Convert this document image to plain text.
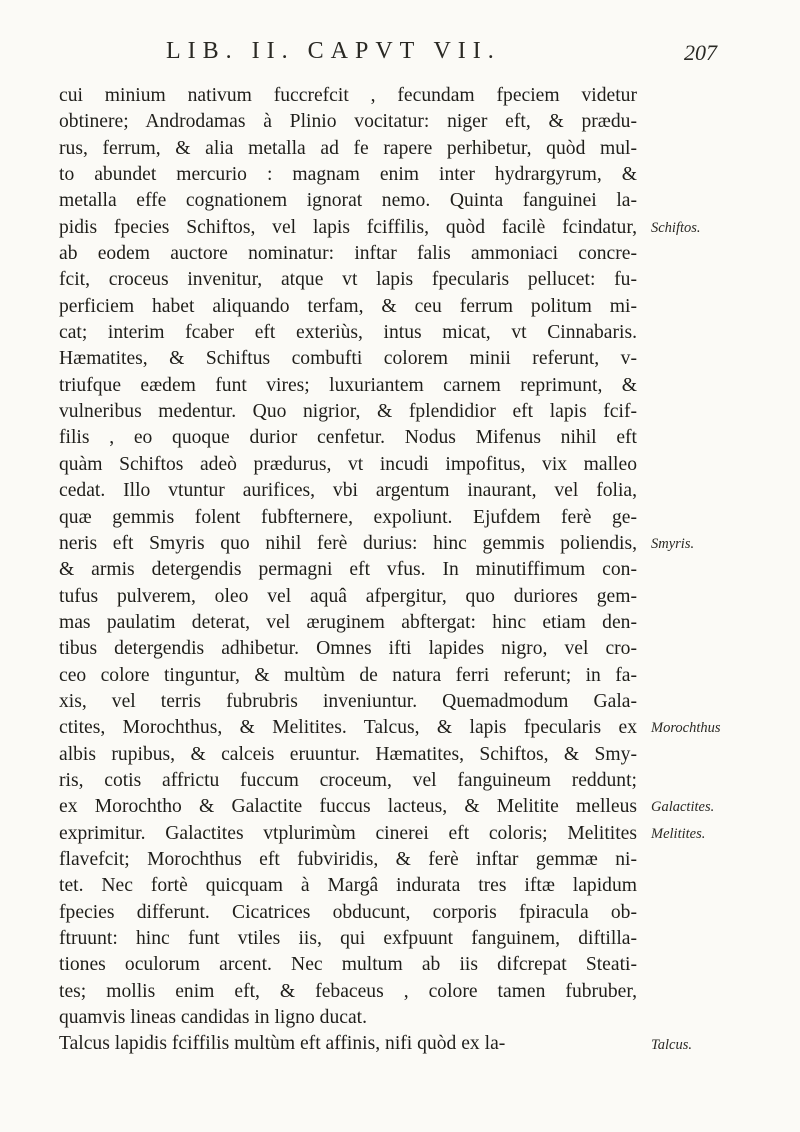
LIB. II. CAPVT VII.	207
cui minium nativum fuccrefcit , fecundam fpeciem videtur
obtinere; Androdamas à Plinio vocitatur: niger eft, & prædu-
rus, ferrum, & alia metalla ad fe rapere perhibetur, quòd mul-
to abundet mercurio : magnam enim inter hydrargyrum, &
metalla effe cognationem ignorat nemo. Quinta fanguinei la-
pidis fpecies Schiftos, vel lapis fciffilis, quòd facilè fcindatur,
ab eodem auctore nominatur: inftar falis ammoniaci concre-
fcit, croceus invenitur, atque vt lapis fpecularis pellucet: fu-
perficiem habet aliquando terfam, & ceu ferrum politum mi-
cat; interim fcaber eft exteriùs, intus micat, vt Cinnabaris.
Hæmatites, & Schiftus combufti colorem minii referunt, v-
triufque eædem funt vires; luxuriantem carnem reprimunt, &
vulneribus medentur. Quo nigrior, & fplendidior eft lapis fcif-
filis , eo quoque durior cenfetur. Nodus Mifenus nihil eft
quàm Schiftos adeò prædurus, vt incudi impofitus, vix malleo
cedat. Illo vtuntur aurifices, vbi argentum inaurant, vel folia,
quæ gemmis folent fubfternere, expoliunt. Ejufdem ferè ge-
neris eft Smyris quo nihil ferè durius: hinc gemmis poliendis,
& armis detergendis permagni eft vfus. In minutiffimum con-
tufus pulverem, oleo vel aquâ afpergitur, quo duriores gem-
mas paulatim deterat, vel æruginem abftergat: hinc etiam den-
tibus detergendis adhibetur. Omnes ifti lapides nigro, vel cro-
ceo colore tinguntur, & multùm de natura ferri referunt; in fa-
xis, vel terris fubrubris inveniuntur. Quemadmodum Gala-
ctites, Morochthus, & Melitites. Talcus, & lapis fpecularis ex
albis rupibus, & calceis eruuntur. Hæmatites, Schiftos, & Smy-
ris, cotis affrictu fuccum croceum, vel fanguineum reddunt;
ex Morochtho & Galactite fuccus lacteus, & Melitite melleus
exprimitur. Galactites vtplurimùm cinerei eft coloris; Melitites
flavefcit; Morochthus eft fubviridis, & ferè inftar gemmæ ni-
tet. Nec fortè quicquam à Margâ indurata tres iftæ lapidum
fpecies differunt. Cicatrices obducunt, corporis fpiracula ob-
ftruunt: hinc funt vtiles iis, qui exfpuunt fanguinem, diftilla-
tiones oculorum arcent. Nec multum ab iis difcrepat Steati-
tes; mollis enim eft, & febaceus , colore tamen fubruber,
quamvis lineas candidas in ligno ducat.
Talcus lapidis fciffilis multùm eft affinis, nifi quòd ex la-
Schiftos.
Smyris.
Morochthus
Galactites.
Melitites.
Talcus.
